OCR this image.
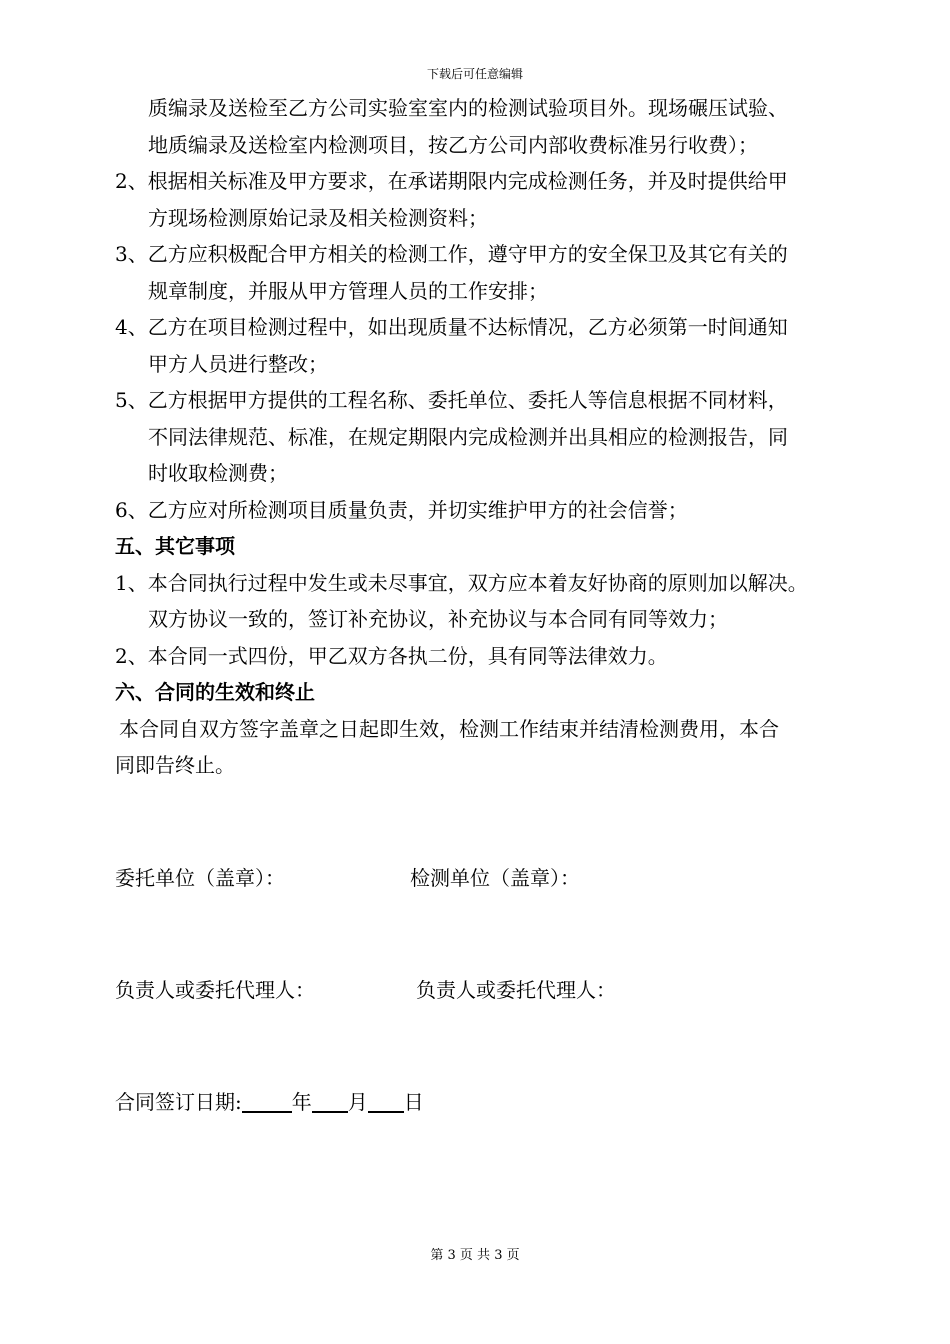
下载后可任意编辑

质编录及送检至乙方公司实验室室内的检测试验项目外。现场碾压试验、

地质编录及送检室内检测项目，按乙方公司内部收费标准另行收费）；

2、根据相关标准及甲方要求，在承诺期限内完成检测任务，并及时提供给甲

方现场检测原始记录及相关检测资料；

3、乙方应积极配合甲方相关的检测工作，遵守甲方的安全保卫及其它有关的

规章制度，并服从甲方管理人员的工作安排；

4、乙方在项目检测过程中，如出现质量不达标情况，乙方必须第一时间通知

甲方人员进行整改；

5、乙方根据甲方提供的工程名称、委托单位、委托人等信息根据不同材料，

不同法律规范、标准，在规定期限内完成检测并出具相应的检测报告，同

时收取检测费；

6、乙方应对所检测项目质量负责，并切实维护甲方的社会信誉；

五、其它事项

1、本合同执行过程中发生或未尽事宜，双方应本着友好协商的原则加以解决。

双方协议一致的，签订补充协议，补充协议与本合同有同等效力；

2、本合同一式四份，甲乙双方各执二份，具有同等法律效力。

六、合同的生效和终止

本合同自双方签字盖章之日起即生效，检测工作结束并结清检测费用，本合

同即告终止。

委托单位（盖章）：	检测单位（盖章）：
负责人或委托代理人：	负责人或委托代理人：
合同签订日期:	年 月 日
第 3 页 共 3 页
